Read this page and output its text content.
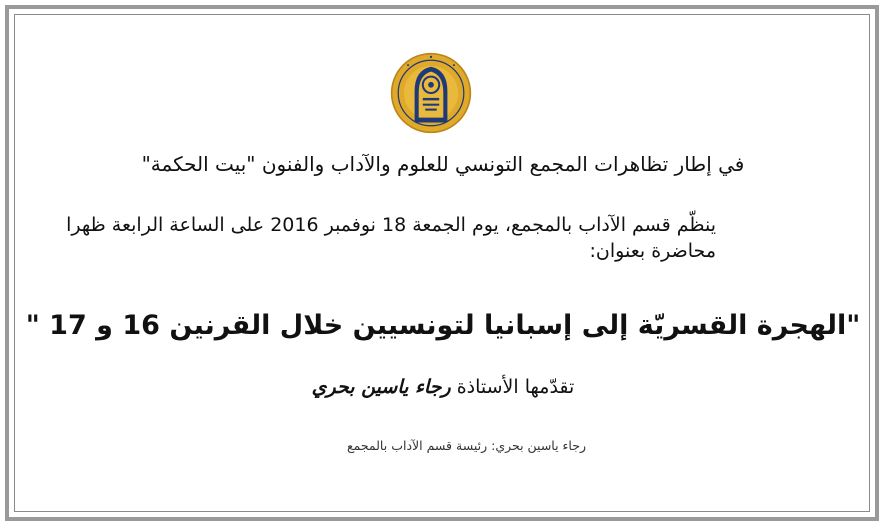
في إطار تظاهرات المجمع التونسي للعلوم والآداب والفنون "بيت الحكمة"
ينظّم قسم الآداب بالمجمع، يوم الجمعة 18 نوفمبر 2016 على الساعة الرابعة ظهرا
محاضرة بعنوان:
"الهجرة القسريّة إلى إسبانيا لتونسيين خلال القرنين 16 و 17 "
تقدّمها الأستاذة رجاء ياسين بحري
رجاء ياسين بحري: رئيسة قسم الآداب بالمجمع
